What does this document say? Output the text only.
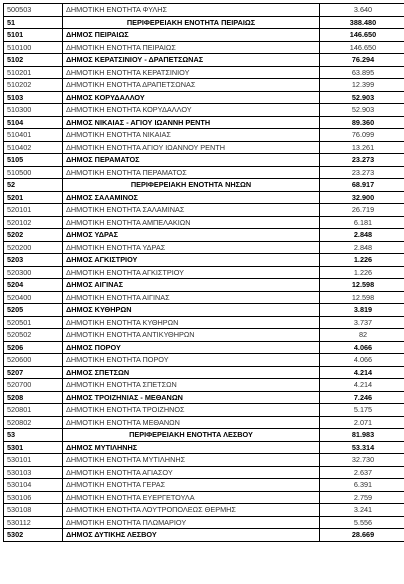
500503	ΔΗΜΟΤΙΚΗ ΕΝΟΤΗΤΑ ΦΥΛΗΣ	3.640
51	ΠΕΡΙΦΕΡΕΙΑΚΗ ΕΝΟΤΗΤΑ ΠΕΙΡΑΙΩΣ	388.480
5101	ΔΗΜΟΣ ΠΕΙΡΑΙΩΣ	146.650
510100	ΔΗΜΟΤΙΚΗ ΕΝΟΤΗΤΑ ΠΕΙΡΑΙΩΣ	146.650
5102	ΔΗΜΟΣ ΚΕΡΑΤΣΙΝΙΟΥ - ΔΡΑΠΕΤΣΩΝΑΣ	76.294
510201	ΔΗΜΟΤΙΚΗ ΕΝΟΤΗΤΑ ΚΕΡΑΤΣΙΝΙΟΥ	63.895
510202	ΔΗΜΟΤΙΚΗ ΕΝΟΤΗΤΑ ΔΡΑΠΕΤΣΩΝΑΣ	12.399
5103	ΔΗΜΟΣ ΚΟΡΥΔΑΛΛΟΥ	52.903
510300	ΔΗΜΟΤΙΚΗ ΕΝΟΤΗΤΑ ΚΟΡΥΔΑΛΛΟΥ	52.903
5104	ΔΗΜΟΣ ΝΙΚΑΙΑΣ - ΑΓΙΟΥ ΙΩΑΝΝΗ ΡΕΝΤΗ	89.360
510401	ΔΗΜΟΤΙΚΗ ΕΝΟΤΗΤΑ ΝΙΚΑΙΑΣ	76.099
510402	ΔΗΜΟΤΙΚΗ ΕΝΟΤΗΤΑ ΑΓΙΟΥ ΙΩΑΝΝΟΥ ΡΕΝΤΗ	13.261
5105	ΔΗΜΟΣ ΠΕΡΑΜΑΤΟΣ	23.273
510500	ΔΗΜΟΤΙΚΗ ΕΝΟΤΗΤΑ ΠΕΡΑΜΑΤΟΣ	23.273
52	ΠΕΡΙΦΕΡΕΙΑΚΗ ΕΝΟΤΗΤΑ ΝΗΣΩΝ	68.917
5201	ΔΗΜΟΣ ΣΑΛΑΜΙΝΟΣ	32.900
520101	ΔΗΜΟΤΙΚΗ ΕΝΟΤΗΤΑ ΣΑΛΑΜΙΝΑΣ	26.719
520102	ΔΗΜΟΤΙΚΗ ΕΝΟΤΗΤΑ ΑΜΠΕΛΑΚΙΩΝ	6.181
5202	ΔΗΜΟΣ ΥΔΡΑΣ	2.848
520200	ΔΗΜΟΤΙΚΗ ΕΝΟΤΗΤΑ ΥΔΡΑΣ	2.848
5203	ΔΗΜΟΣ ΑΓΚΙΣΤΡΙΟΥ	1.226
520300	ΔΗΜΟΤΙΚΗ ΕΝΟΤΗΤΑ ΑΓΚΙΣΤΡΙΟΥ	1.226
5204	ΔΗΜΟΣ ΑΙΓΙΝΑΣ	12.598
520400	ΔΗΜΟΤΙΚΗ ΕΝΟΤΗΤΑ ΑΙΓΙΝΑΣ	12.598
5205	ΔΗΜΟΣ ΚΥΘΗΡΩΝ	3.819
520501	ΔΗΜΟΤΙΚΗ ΕΝΟΤΗΤΑ ΚΥΘΗΡΩΝ	3.737
520502	ΔΗΜΟΤΙΚΗ ΕΝΟΤΗΤΑ ΑΝΤΙΚΥΘΗΡΩΝ	82
5206	ΔΗΜΟΣ ΠΟΡΟΥ	4.066
520600	ΔΗΜΟΤΙΚΗ ΕΝΟΤΗΤΑ ΠΟΡΟΥ	4.066
5207	ΔΗΜΟΣ ΣΠΕΤΣΩΝ	4.214
520700	ΔΗΜΟΤΙΚΗ ΕΝΟΤΗΤΑ ΣΠΕΤΣΩΝ	4.214
5208	ΔΗΜΟΣ ΤΡΟΙΖΗΝΙΑΣ - ΜΕΘΑΝΩΝ	7.246
520801	ΔΗΜΟΤΙΚΗ ΕΝΟΤΗΤΑ ΤΡΟΙΖΗΝΟΣ	5.175
520802	ΔΗΜΟΤΙΚΗ ΕΝΟΤΗΤΑ ΜΕΘΑΝΩΝ	2.071
53	ΠΕΡΙΦΕΡΕΙΑΚΗ ΕΝΟΤΗΤΑ ΛΕΣΒΟΥ	81.983
5301	ΔΗΜΟΣ ΜΥΤΙΛΗΝΗΣ	53.314
530101	ΔΗΜΟΤΙΚΗ ΕΝΟΤΗΤΑ ΜΥΤΙΛΗΝΗΣ	32.730
530103	ΔΗΜΟΤΙΚΗ ΕΝΟΤΗΤΑ ΑΓΙΑΣΟΥ	2.637
530104	ΔΗΜΟΤΙΚΗ ΕΝΟΤΗΤΑ ΓΕΡΑΣ	6.391
530106	ΔΗΜΟΤΙΚΗ ΕΝΟΤΗΤΑ ΕΥΕΡΓΕΤΟΥΛΑ	2.759
530108	ΔΗΜΟΤΙΚΗ ΕΝΟΤΗΤΑ ΛΟΥΤΡΟΠΟΛΕΩΣ ΘΕΡΜΗΣ	3.241
530112	ΔΗΜΟΤΙΚΗ ΕΝΟΤΗΤΑ ΠΛΩΜΑΡΙΟΥ	5.556
5302	ΔΗΜΟΣ ΔΥΤΙΚΗΣ ΛΕΣΒΟΥ	28.669
